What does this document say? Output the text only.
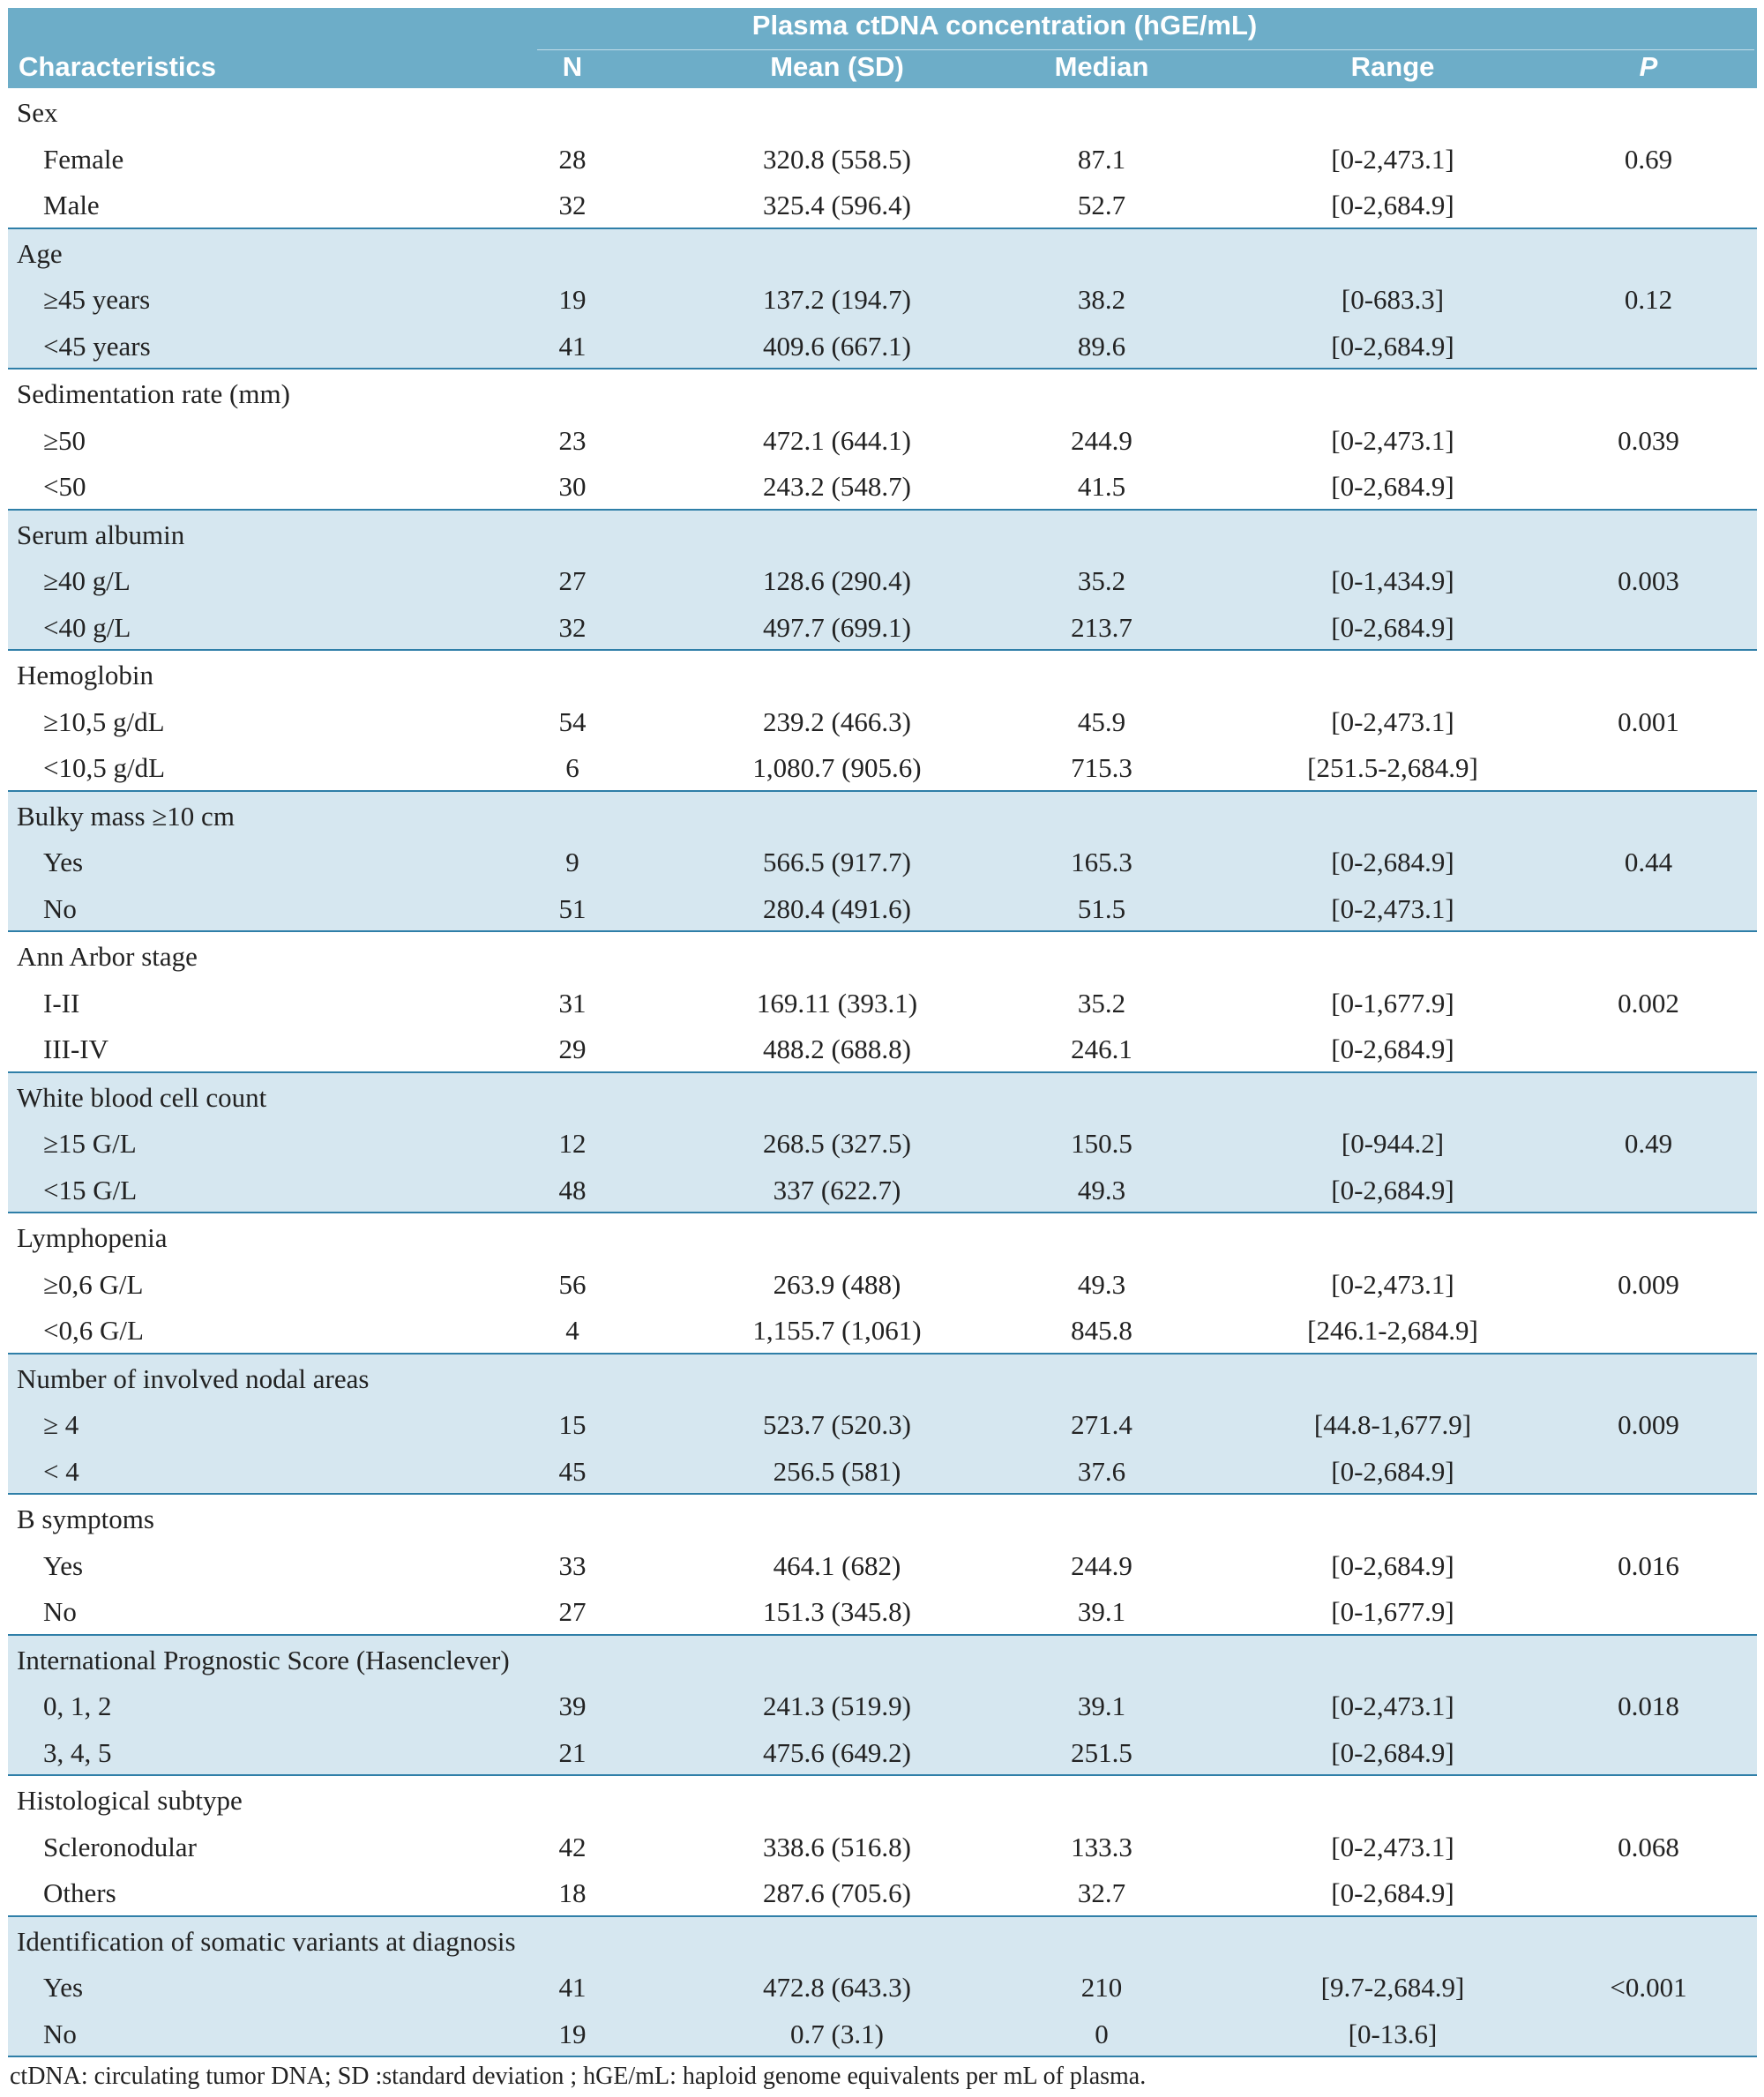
Plasma ctDNA concentration (hGE/mL)
Characteristics	N	Mean (SD)	Median	Range	P
Sex
Female	28	320.8 (558.5)	87.1	[0-2,473.1]	0.69
Male	32	325.4 (596.4)	52.7	[0-2,684.9]
Age
≥45 years	19	137.2 (194.7)	38.2	[0-683.3]	0.12
<45 years	41	409.6 (667.1)	89.6	[0-2,684.9]
Sedimentation rate (mm)
≥50	23	472.1 (644.1)	244.9	[0-2,473.1]	0.039
<50	30	243.2 (548.7)	41.5	[0-2,684.9]
Serum albumin
≥40 g/L	27	128.6 (290.4)	35.2	[0-1,434.9]	0.003
<40 g/L	32	497.7 (699.1)	213.7	[0-2,684.9]
Hemoglobin
≥10,5 g/dL	54	239.2 (466.3)	45.9	[0-2,473.1]	0.001
<10,5 g/dL	6	1,080.7 (905.6)	715.3	[251.5-2,684.9]
Bulky mass ≥10 cm
Yes	9	566.5 (917.7)	165.3	[0-2,684.9]	0.44
No	51	280.4 (491.6)	51.5	[0-2,473.1]
Ann Arbor stage
I-II	31	169.11 (393.1)	35.2	[0-1,677.9]	0.002
III-IV	29	488.2 (688.8)	246.1	[0-2,684.9]
White blood cell count
≥15 G/L	12	268.5 (327.5)	150.5	[0-944.2]	0.49
<15 G/L	48	337 (622.7)	49.3	[0-2,684.9]
Lymphopenia
≥0,6 G/L	56	263.9 (488)	49.3	[0-2,473.1]	0.009
<0,6 G/L	4	1,155.7 (1,061)	845.8	[246.1-2,684.9]
Number of involved nodal areas
≥ 4	15	523.7 (520.3)	271.4	[44.8-1,677.9]	0.009
< 4	45	256.5 (581)	37.6	[0-2,684.9]
B symptoms
Yes	33	464.1 (682)	244.9	[0-2,684.9]	0.016
No	27	151.3 (345.8)	39.1	[0-1,677.9]
International Prognostic Score (Hasenclever)
0, 1, 2	39	241.3 (519.9)	39.1	[0-2,473.1]	0.018
3, 4, 5	21	475.6 (649.2)	251.5	[0-2,684.9]
Histological subtype
Scleronodular	42	338.6 (516.8)	133.3	[0-2,473.1]	0.068
Others	18	287.6 (705.6)	32.7	[0-2,684.9]
Identification of somatic variants at diagnosis
Yes	41	472.8 (643.3)	210	[9.7-2,684.9]	<0.001
No	19	0.7 (3.1)	0	[0-13.6]
ctDNA: circulating tumor DNA; SD :standard deviation ; hGE/mL: haploid genome equivalents per mL of plasma.
